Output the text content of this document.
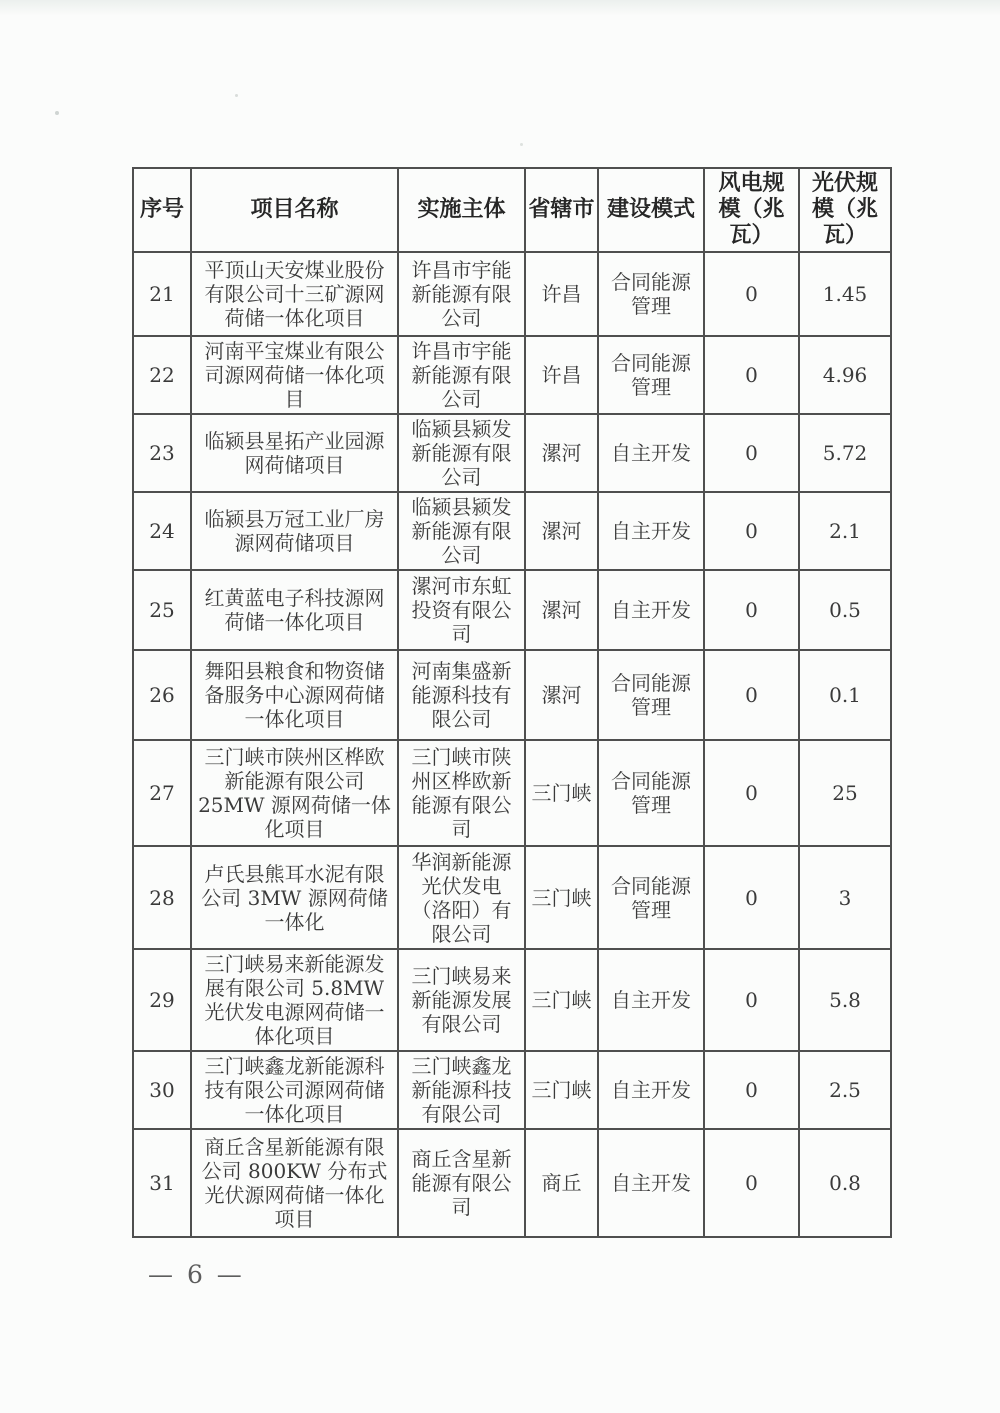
序号	项目名称	实施主体	省辖市	建设模式	风电规模（兆瓦）	光伏规模（兆瓦）
21	平顶山天安煤业股份有限公司十三矿源网荷储一体化项目	许昌市宇能新能源有限公司	许昌	合同能源管理	0	1.45
22	河南平宝煤业有限公司源网荷储一体化项目	许昌市宇能新能源有限公司	许昌	合同能源管理	0	4.96
23	临颍县星拓产业园源网荷储项目	临颍县颍发新能源有限公司	漯河	自主开发	0	5.72
24	临颍县万冠工业厂房源网荷储项目	临颍县颍发新能源有限公司	漯河	自主开发	0	2.1
25	红黄蓝电子科技源网荷储一体化项目	漯河市东虹投资有限公司	漯河	自主开发	0	0.5
26	舞阳县粮食和物资储备服务中心源网荷储一体化项目	河南集盛新能源科技有限公司	漯河	合同能源管理	0	0.1
27	三门峡市陕州区桦欧新能源有限公司 25MW 源网荷储一体化项目	三门峡市陕州区桦欧新能源有限公司	三门峡	合同能源管理	0	25
28	卢氏县熊耳水泥有限公司 3MW 源网荷储一体化	华润新能源光伏发电（洛阳）有限公司	三门峡	合同能源管理	0	3
29	三门峡易来新能源发展有限公司 5.8MW 光伏发电源网荷储一体化项目	三门峡易来新能源发展有限公司	三门峡	自主开发	0	5.8
30	三门峡鑫龙新能源科技有限公司源网荷储一体化项目	三门峡鑫龙新能源科技有限公司	三门峡	自主开发	0	2.5
31	商丘含星新能源有限公司 800KW 分布式光伏源网荷储一体化项目	商丘含星新能源有限公司	商丘	自主开发	0	0.8
— 6 —
